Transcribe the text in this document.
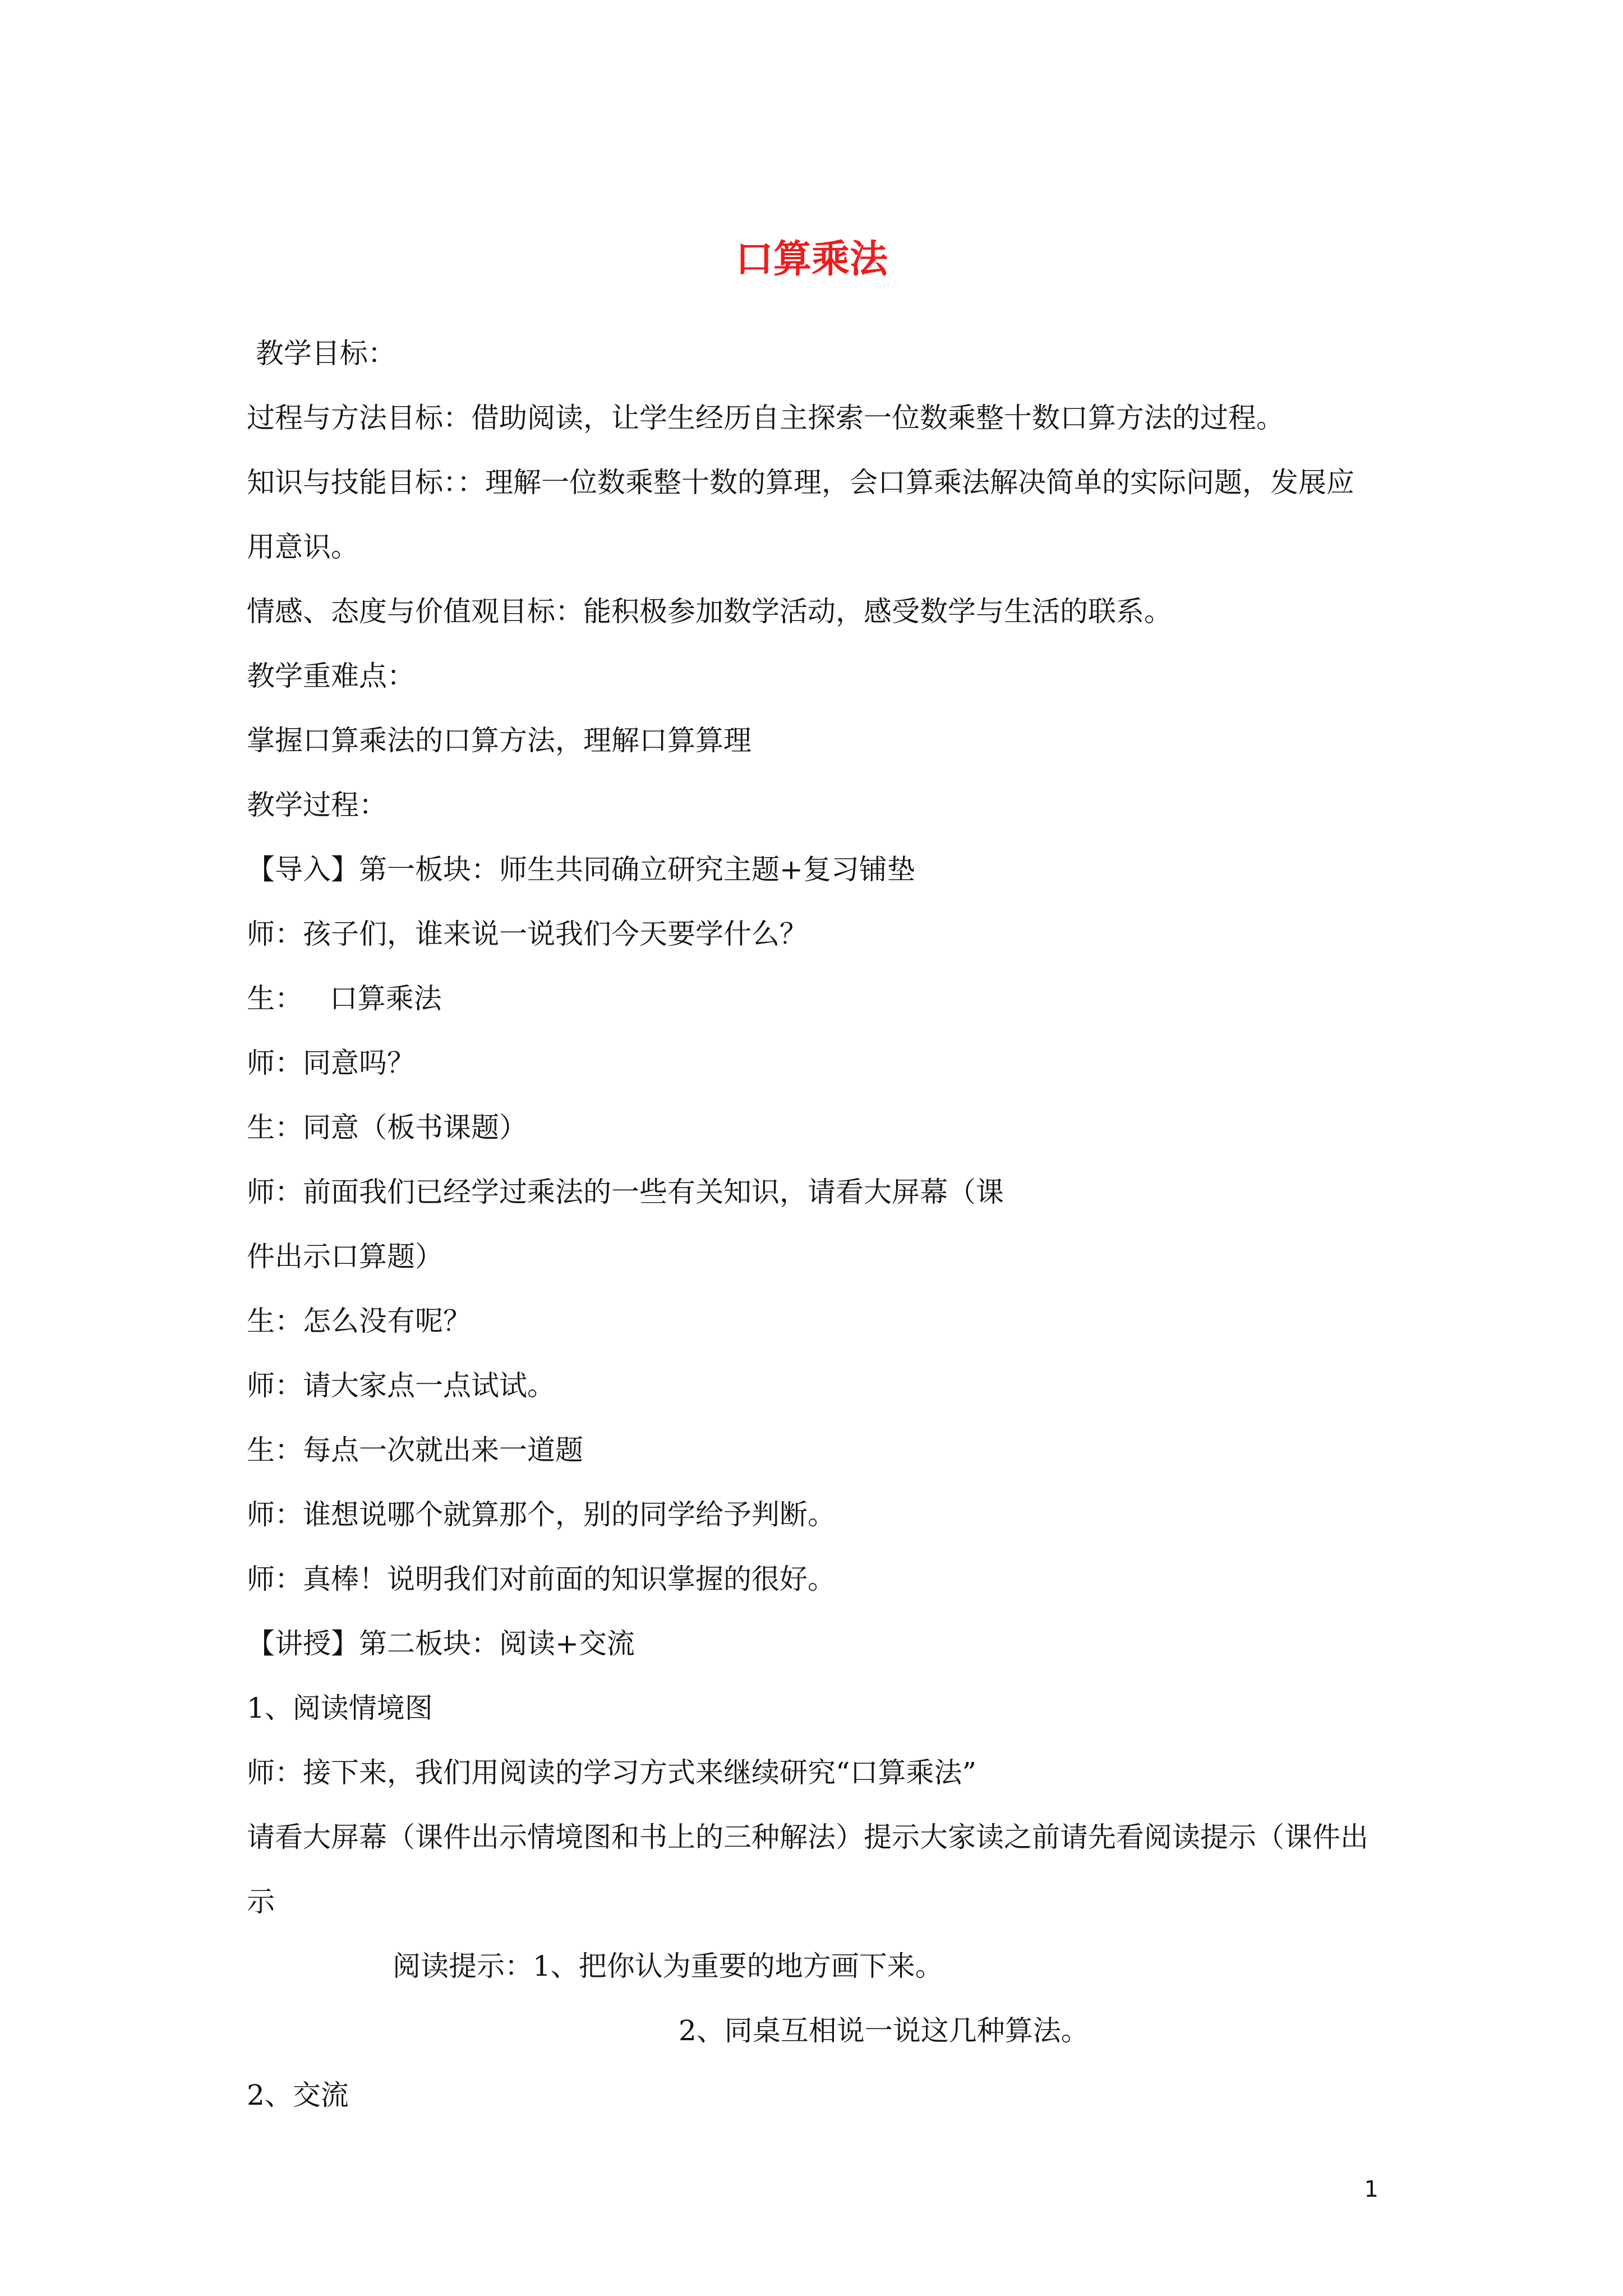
口算乘法

教学目标：

过程与方法目标：借助阅读，让学生经历自主探索一位数乘整十数口算方法的过程。

知识与技能目标：：理解一位数乘整十数的算理，会口算乘法解决简单的实际问题，发展应

用意识。

情感、态度与价值观目标：能积极参加数学活动，感受数学与生活的联系。

教学重难点：

掌握口算乘法的口算方法，理解口算算理

教学过程：

【导入】第一板块：师生共同确立研究主题+复习铺垫

师：孩子们，谁来说一说我们今天要学什么？

生：   口算乘法

师：同意吗？

生：同意（板书课题）

师：前面我们已经学过乘法的一些有关知识，请看大屏幕（课

件出示口算题）

生：怎么没有呢？

师：请大家点一点试试。

生：每点一次就出来一道题

师：谁想说哪个就算那个，别的同学给予判断。

师：真棒！说明我们对前面的知识掌握的很好。

【讲授】第二板块：阅读+交流

1、阅读情境图

师：接下来，我们用阅读的学习方式来继续研究“口算乘法”

请看大屏幕（课件出示情境图和书上的三种解法）提示大家读之前请先看阅读提示（课件出

示

阅读提示：1、把你认为重要的地方画下来。

2、同桌互相说一说这几种算法。

2、交流

1
